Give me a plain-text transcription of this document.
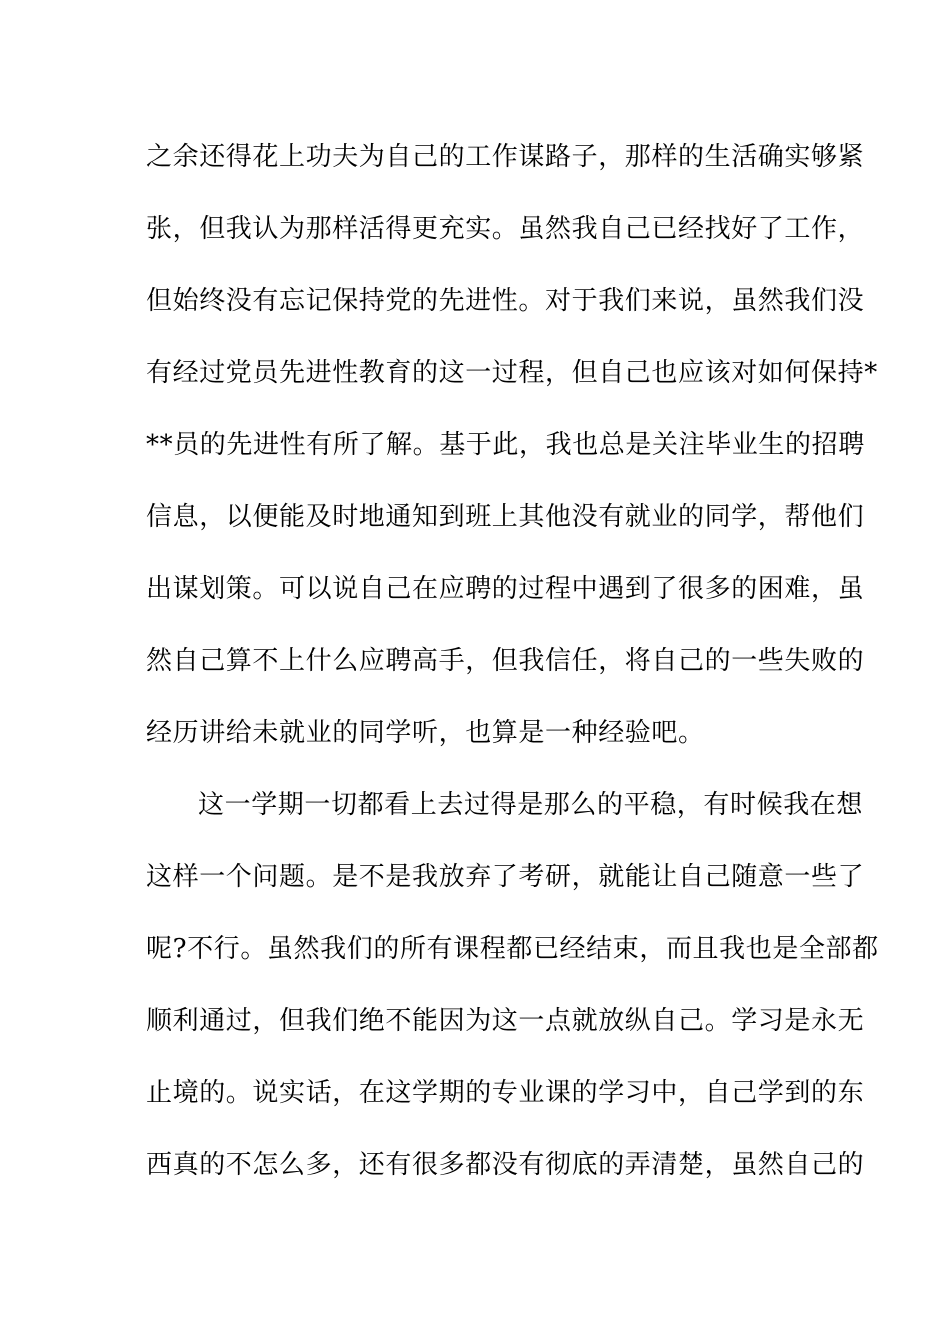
之余还得花上功夫为自己的工作谋路子，那样的生活确实够紧
张，但我认为那样活得更充实。虽然我自己已经找好了工作，
但始终没有忘记保持党的先进性。对于我们来说，虽然我们没
有经过党员先进性教育的这一过程，但自己也应该对如何保持*
**员的先进性有所了解。基于此，我也总是关注毕业生的招聘
信息，以便能及时地通知到班上其他没有就业的同学，帮他们
出谋划策。可以说自己在应聘的过程中遇到了很多的困难，虽
然自己算不上什么应聘高手，但我信任，将自己的一些失败的
经历讲给未就业的同学听，也算是一种经验吧。
这一学期一切都看上去过得是那么的平稳，有时候我在想
这样一个问题。是不是我放弃了考研，就能让自己随意一些了
呢?不行。虽然我们的所有课程都已经结束，而且我也是全部都
顺利通过，但我们绝不能因为这一点就放纵自己。学习是永无
止境的。说实话，在这学期的专业课的学习中，自己学到的东
西真的不怎么多，还有很多都没有彻底的弄清楚，虽然自己的
